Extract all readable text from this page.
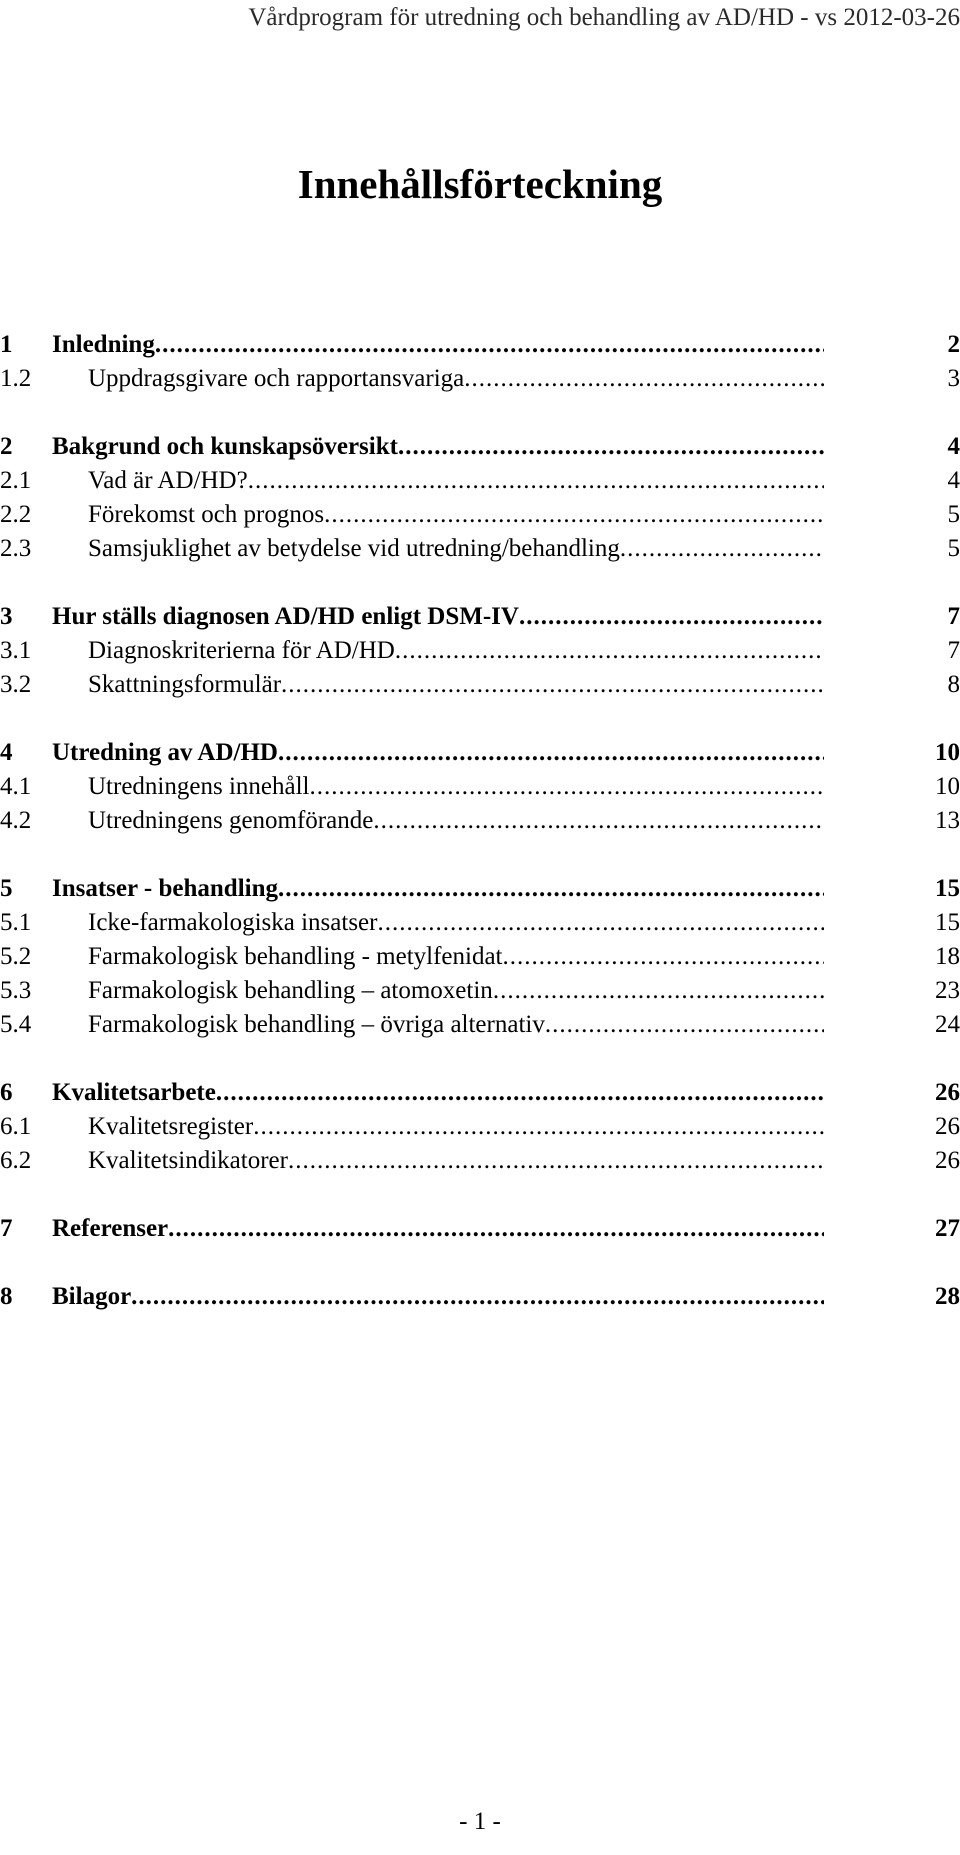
Vårdprogram för utredning och behandling av AD/HD - vs 2012-03-26
Innehållsförteckning
1	Inledning .....	2
1.2	Uppdragsgivare och rapportansvariga .....	3
2	Bakgrund och kunskapsöversikt .....	4
2.1	Vad är AD/HD? .....	4
2.2	Förekomst och prognos .....	5
2.3	Samsjuklighet av betydelse vid utredning/behandling .....	5
3	Hur ställs diagnosen AD/HD enligt DSM-IV .....	7
3.1	Diagnoskriterierna för AD/HD .....	7
3.2	Skattningsformulär .....	8
4	Utredning av AD/HD .....	10
4.1	Utredningens innehåll .....	10
4.2	Utredningens genomförande .....	13
5	Insatser - behandling .....	15
5.1	Icke-farmakologiska insatser .....	15
5.2	Farmakologisk behandling - metylfenidat .....	18
5.3	Farmakologisk behandling – atomoxetin .....	23
5.4	Farmakologisk behandling – övriga alternativ .....	24
6	Kvalitetsarbete .....	26
6.1	Kvalitetsregister .....	26
6.2	Kvalitetsindikatorer .....	26
7	Referenser .....	27
8	Bilagor .....	28
- 1 -
